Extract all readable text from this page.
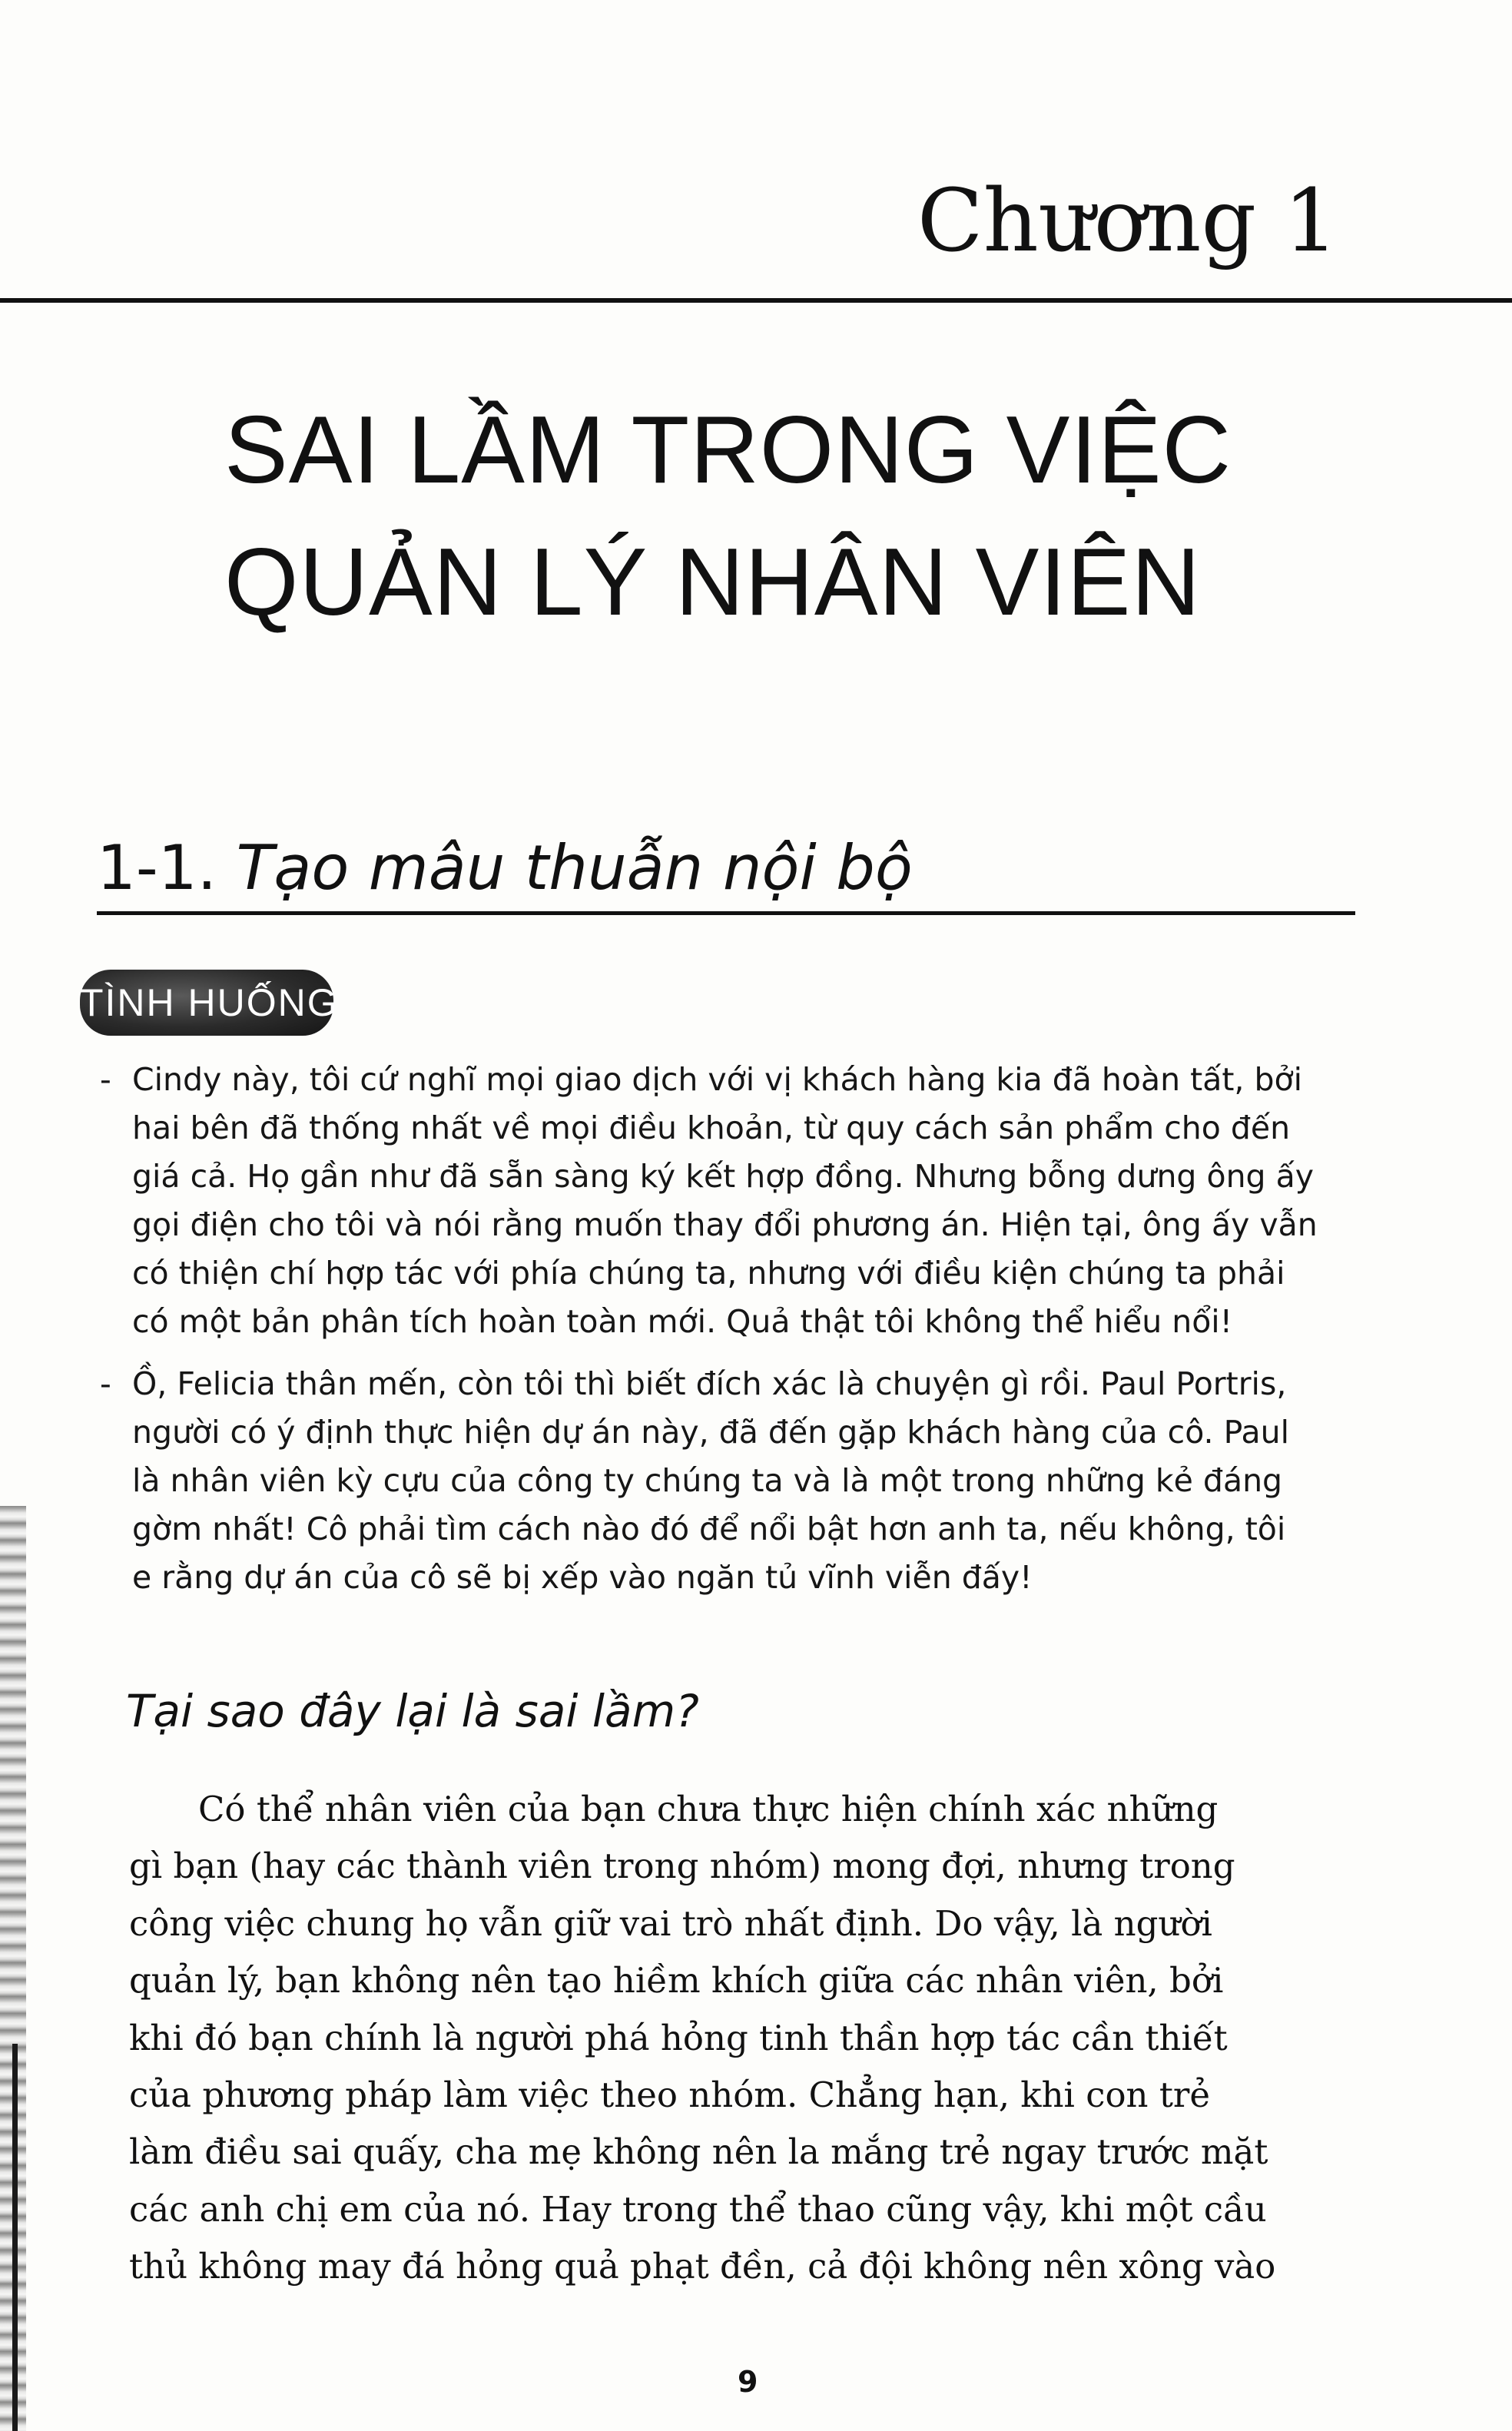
Chương 1
SAI LẦM TRONG VIỆC
QUẢN LÝ NHÂN VIÊN
1-1. Tạo mâu thuẫn nội bộ
TÌNH HUỐNG
- Cindy này, tôi cứ nghĩ mọi giao dịch với vị khách hàng kia đã hoàn tất, bởi
hai bên đã thống nhất về mọi điều khoản, từ quy cách sản phẩm cho đến
giá cả. Họ gần như đã sẵn sàng ký kết hợp đồng. Nhưng bỗng dưng ông ấy
gọi điện cho tôi và nói rằng muốn thay đổi phương án. Hiện tại, ông ấy vẫn
có thiện chí hợp tác với phía chúng ta, nhưng với điều kiện chúng ta phải
có một bản phân tích hoàn toàn mới. Quả thật tôi không thể hiểu nổi!
- Ồ, Felicia thân mến, còn tôi thì biết đích xác là chuyện gì rồi. Paul Portris,
người có ý định thực hiện dự án này, đã đến gặp khách hàng của cô. Paul
là nhân viên kỳ cựu của công ty chúng ta và là một trong những kẻ đáng
gờm nhất! Cô phải tìm cách nào đó để nổi bật hơn anh ta, nếu không, tôi
e rằng dự án của cô sẽ bị xếp vào ngăn tủ vĩnh viễn đấy!
Tại sao đây lại là sai lầm?
Có thể nhân viên của bạn chưa thực hiện chính xác những
gì bạn (hay các thành viên trong nhóm) mong đợi, nhưng trong
công việc chung họ vẫn giữ vai trò nhất định. Do vậy, là người
quản lý, bạn không nên tạo hiềm khích giữa các nhân viên, bởi
khi đó bạn chính là người phá hỏng tinh thần hợp tác cần thiết
của phương pháp làm việc theo nhóm. Chẳng hạn, khi con trẻ
làm điều sai quấy, cha mẹ không nên la mắng trẻ ngay trước mặt
các anh chị em của nó. Hay trong thể thao cũng vậy, khi một cầu
thủ không may đá hỏng quả phạt đền, cả đội không nên xông vào
9
